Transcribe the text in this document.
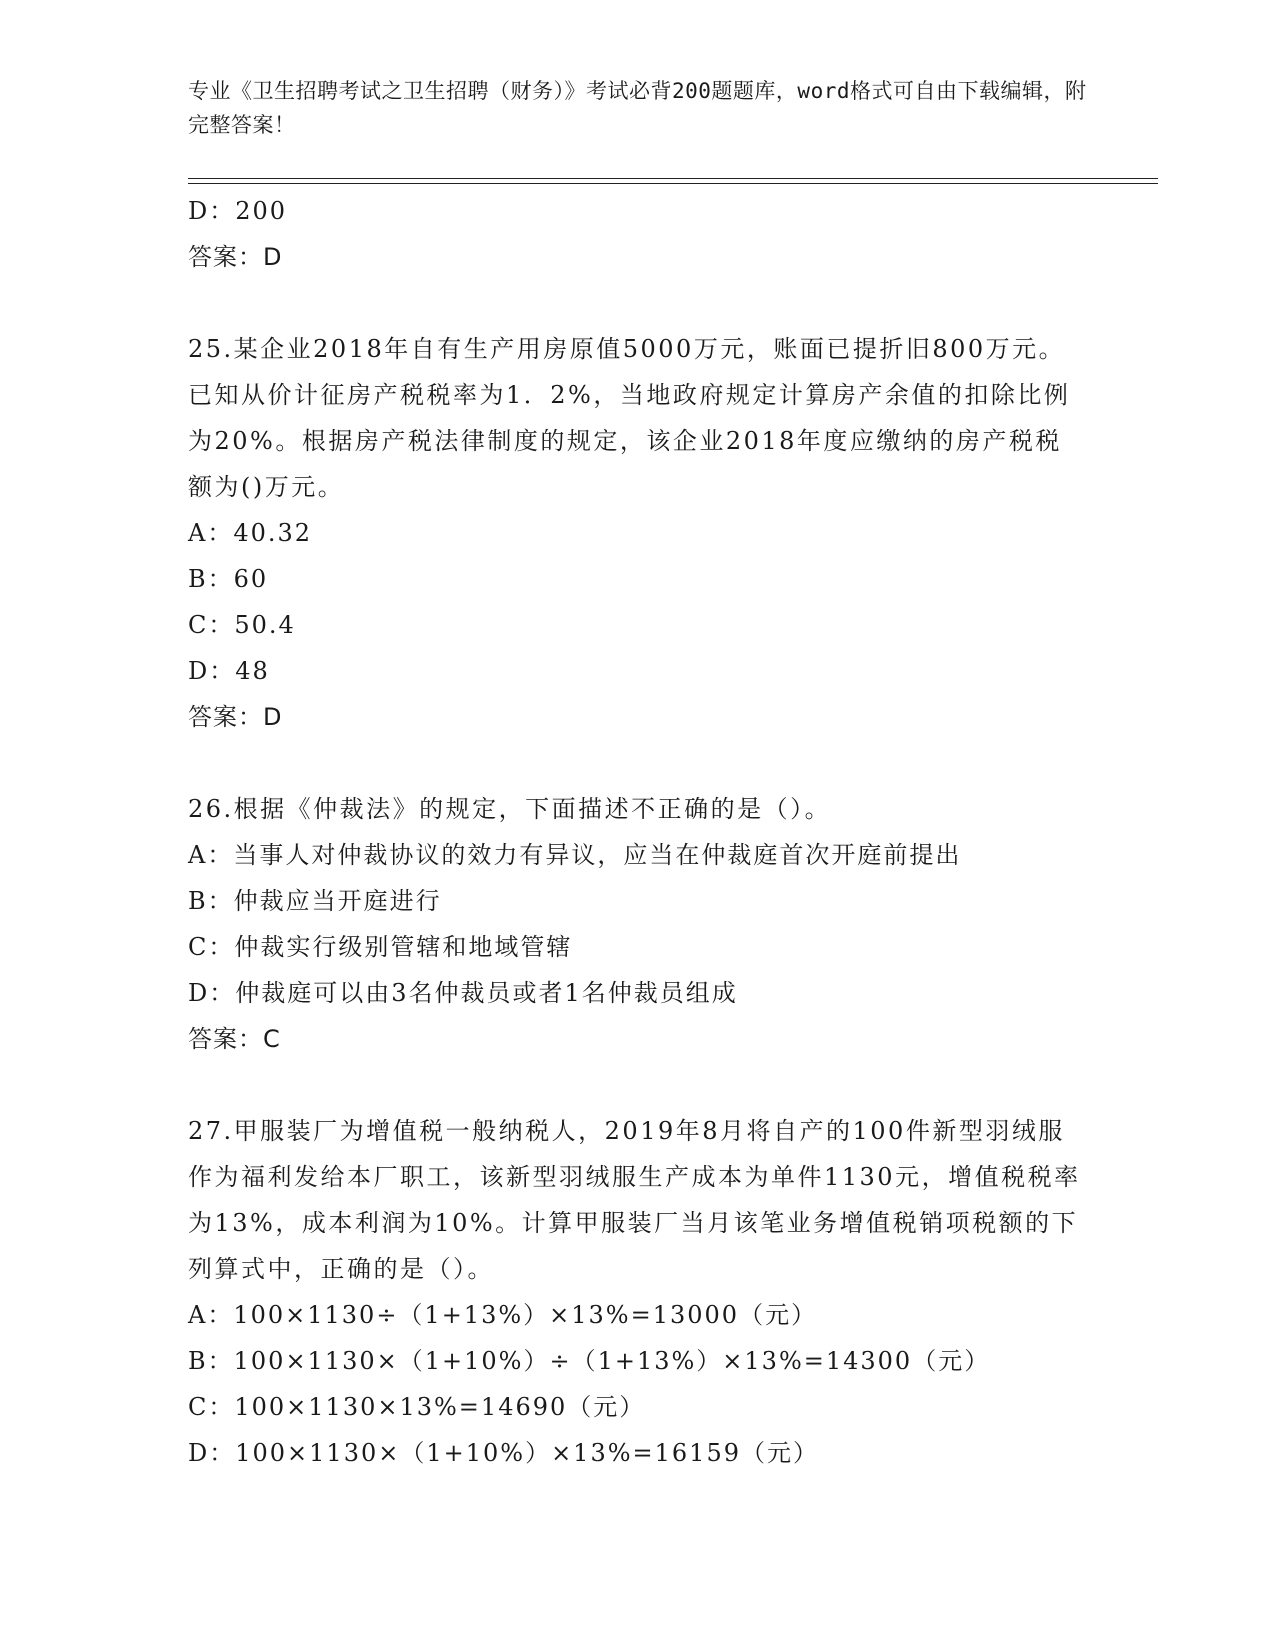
专业《卫生招聘考试之卫生招聘（财务）》考试必背200题题库，word格式可自由下载编辑，附完整答案！
D：200
答案：D
25.某企业2018年自有生产用房原值5000万元，账面已提折旧800万元。已知从价计征房产税税率为1．2%，当地政府规定计算房产余值的扣除比例为20%。根据房产税法律制度的规定，该企业2018年度应缴纳的房产税税额为()万元。
A：40.32
B：60
C：50.4
D：48
答案：D
26.根据《仲裁法》的规定，下面描述不正确的是（）。
A：当事人对仲裁协议的效力有异议，应当在仲裁庭首次开庭前提出
B：仲裁应当开庭进行
C：仲裁实行级别管辖和地域管辖
D：仲裁庭可以由3名仲裁员或者1名仲裁员组成
答案：C
27.甲服装厂为增值税一般纳税人，2019年8月将自产的100件新型羽绒服作为福利发给本厂职工，该新型羽绒服生产成本为单件1130元，增值税税率为13%，成本利润为10%。计算甲服装厂当月该笔业务增值税销项税额的下列算式中，正确的是（）。
A：100×1130÷（1+13%）×13%=13000（元）
B：100×1130×（1+10%）÷（1+13%）×13%=14300（元）
C：100×1130×13%=14690（元）
D：100×1130×（1+10%）×13%=16159（元）
